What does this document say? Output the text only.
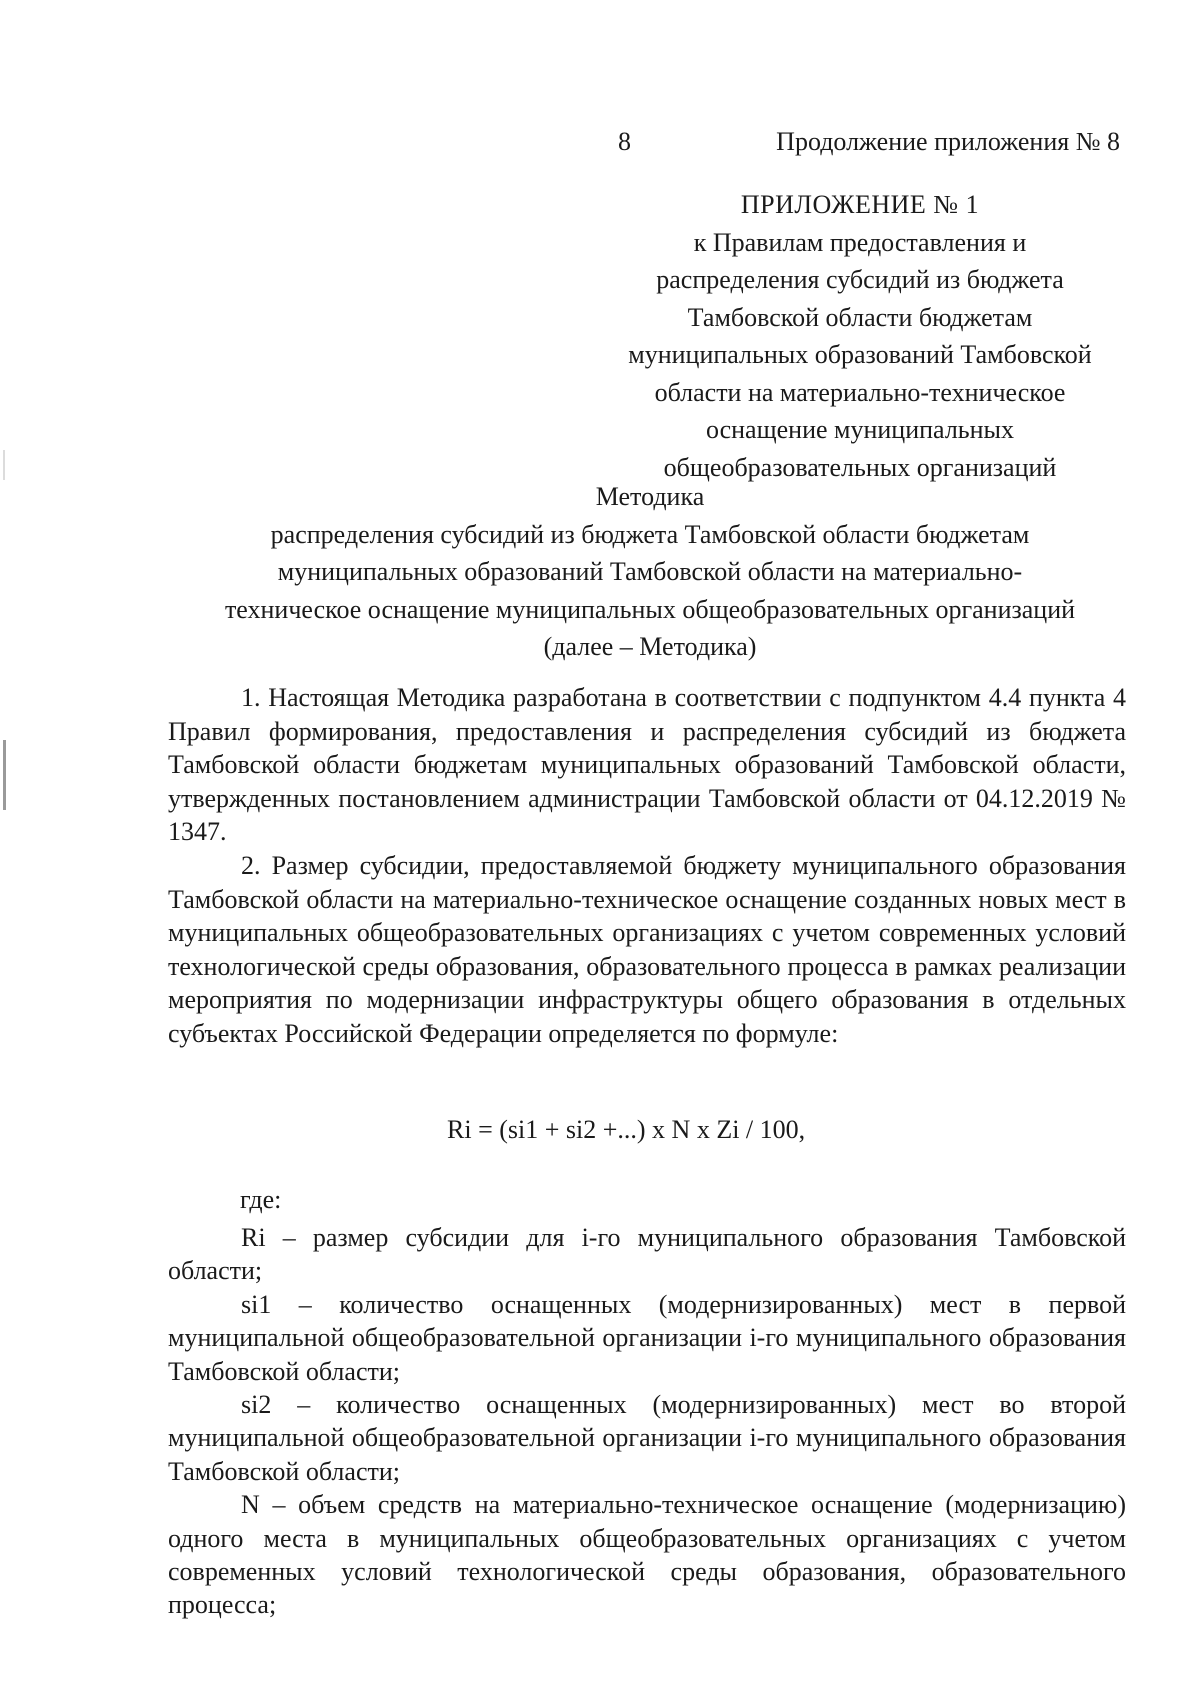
8	Продолжение приложения № 8
ПРИЛОЖЕНИЕ № 1
к Правилам предоставления и
распределения субсидий из бюджета
Тамбовской области бюджетам
муниципальных образований Тамбовской
области на материально-техническое
оснащение муниципальных
общеобразовательных организаций
Методика
распределения субсидий из бюджета Тамбовской области бюджетам
муниципальных образований Тамбовской области на материально-
техническое оснащение муниципальных общеобразовательных организаций
(далее – Методика)

1. Настоящая Методика разработана в соответствии с подпунктом 4.4 пункта 4 Правил формирования, предоставления и распределения субсидий из бюджета Тамбовской области бюджетам муниципальных образований Тамбовской области, утвержденных постановлением администрации Тамбовской области от 04.12.2019 № 1347.

2. Размер субсидии, предоставляемой бюджету муниципального образования Тамбовской области на материально-техническое оснащение созданных новых мест в муниципальных общеобразовательных организациях с учетом современных условий технологической среды образования, образовательного процесса в рамках реализации мероприятия по модернизации инфраструктуры общего образования в отдельных субъектах Российской Федерации определяется по формуле:

Ri = (si1 + si2 +...) х N х Zi / 100,
где:

Ri – размер субсидии для i-го муниципального образования Тамбовской области;

si1 – количество оснащенных (модернизированных) мест в первой муниципальной общеобразовательной организации i-го муниципального образования Тамбовской области;

si2 – количество оснащенных (модернизированных) мест во второй муниципальной общеобразовательной организации i-го муниципального образования Тамбовской области;

N – объем средств на материально-техническое оснащение (модернизацию) одного места в муниципальных общеобразовательных организациях с учетом современных условий технологической среды образования, образовательного процесса;
